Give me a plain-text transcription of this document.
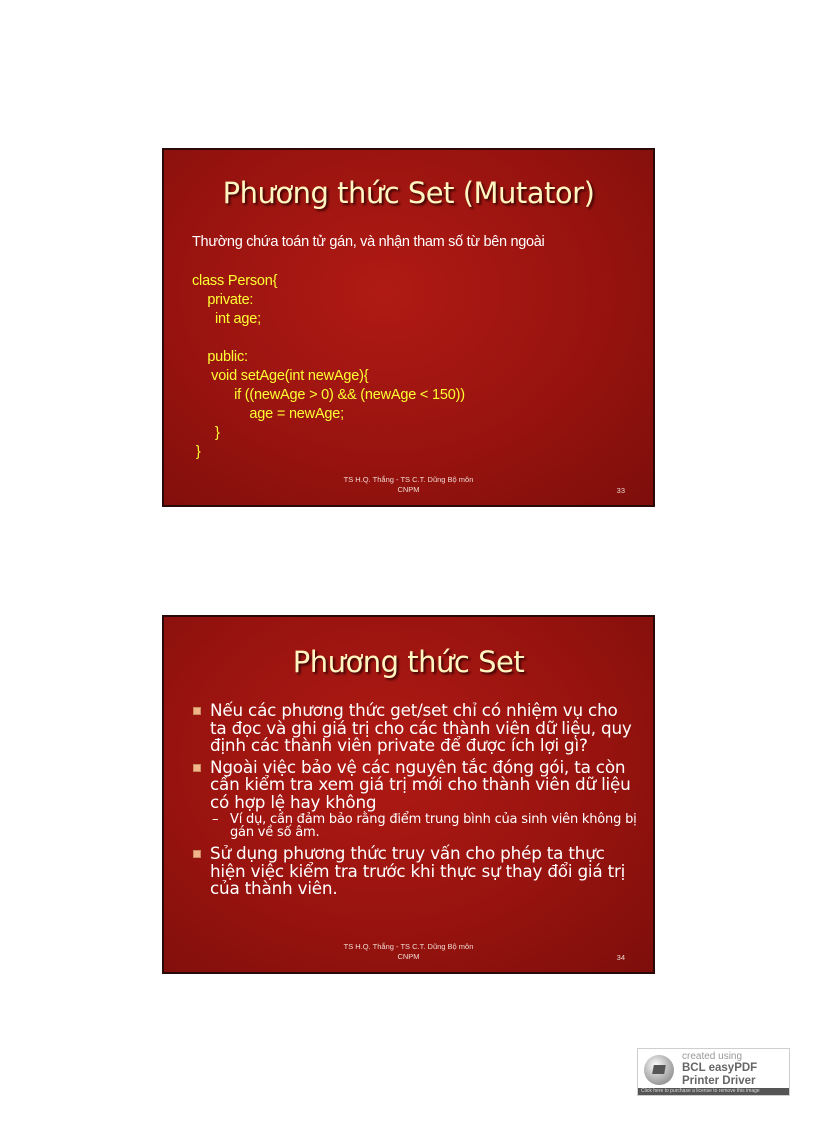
Phương thức Set (Mutator)
Thường chứa toán tử gán, và nhận tham số từ bên ngoài
class Person{
private:
int age;
public:
void setAge(int newAge){
if ((newAge > 0) && (newAge < 150))
age = newAge;
}
}
TS H.Q. Thắng - TS C.T. Dũng Bộ môn
CNPM	33
Phương thức Set
Nếu các phương thức get/set chỉ có nhiệm vụ cho ta đọc và ghi giá trị cho các thành viên dữ liệu, quy định các thành viên private để được ích lợi gì?
Ngoài việc bảo vệ các nguyên tắc đóng gói, ta còn cần kiểm tra xem giá trị mới cho thành viên dữ liệu có hợp lệ hay không
– Ví dụ, cần đảm bảo rằng điểm trung bình của sinh viên không bị gán về số âm.
Sử dụng phương thức truy vấn cho phép ta thực hiện việc kiểm tra trước khi thực sự thay đổi giá trị của thành viên.
TS H.Q. Thắng - TS C.T. Dũng Bộ môn
CNPM	34
created using
BCL easyPDF
Printer Driver
Click here to purchase a license to remove this image
